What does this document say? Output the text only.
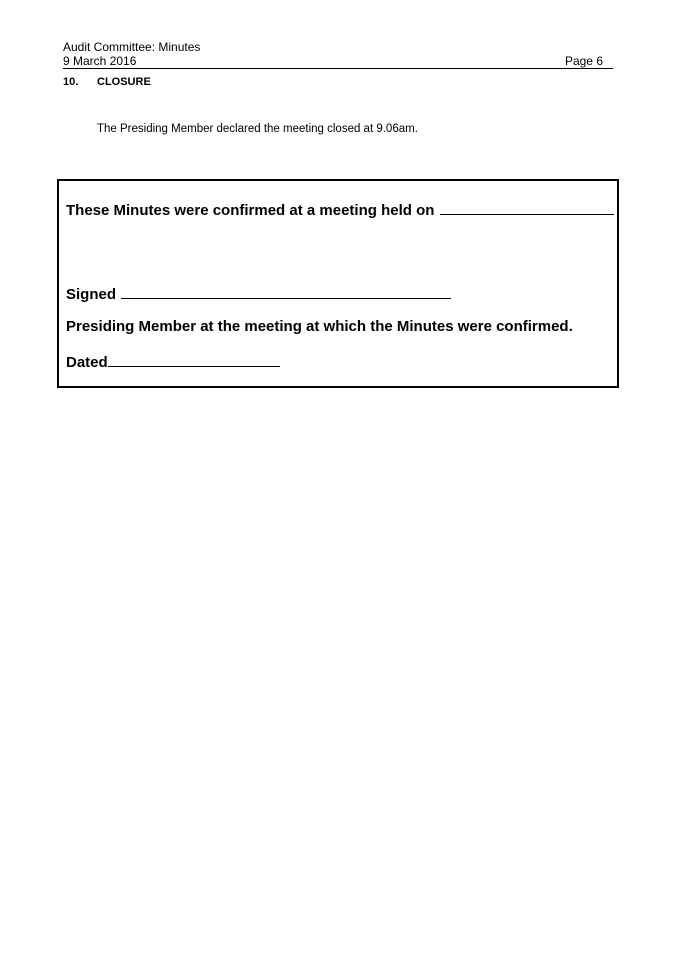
Audit Committee: Minutes
9 March 2016	Page 6
10.	CLOSURE
The Presiding Member declared the meeting closed at 9.06am.
These Minutes were confirmed at a meeting held on
Signed
Presiding Member at the meeting at which the Minutes were confirmed.
Dated
